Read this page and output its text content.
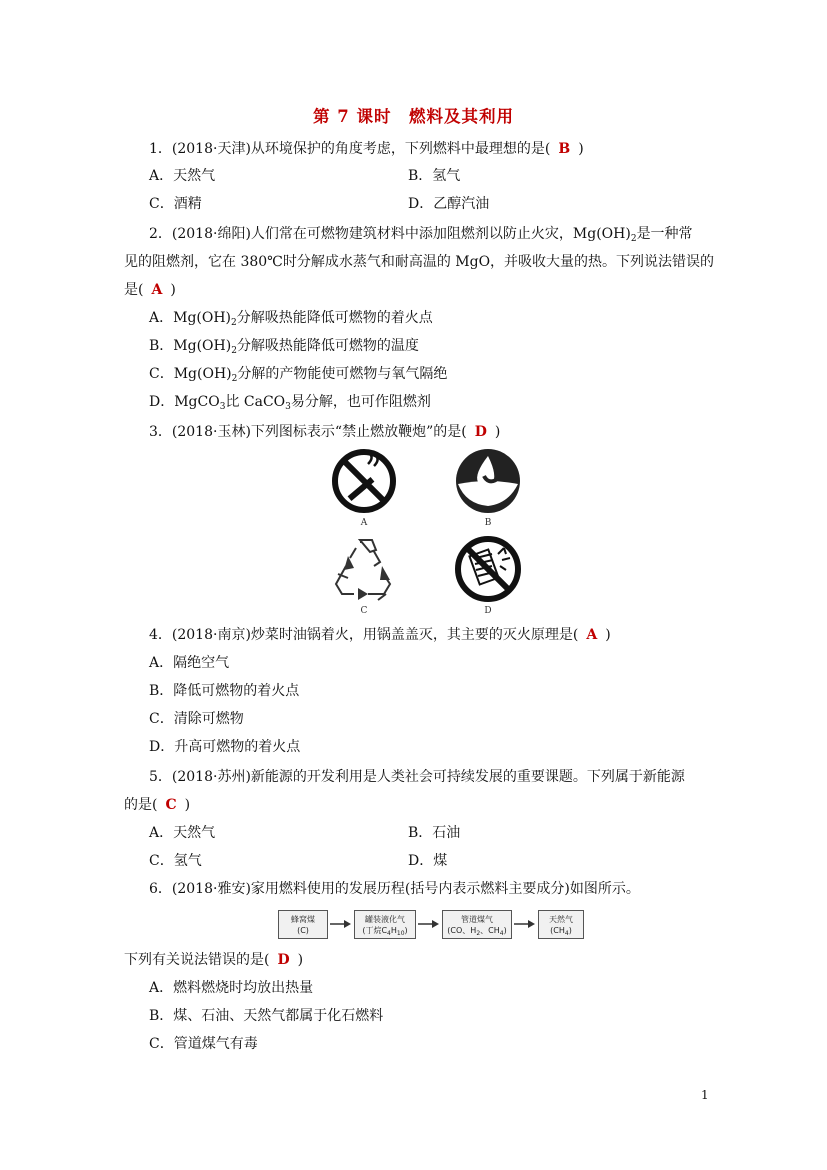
第 7 课时　燃料及其利用
1．(2018·天津)从环境保护的角度考虑，下列燃料中最理想的是( B )
A．天然气	B．氢气
C．酒精	D．乙醇汽油
2．(2018·绵阳)人们常在可燃物建筑材料中添加阻燃剂以防止火灾，$Mg(OH)_2$是一种常
见的阻燃剂，它在 380℃时分解成水蒸气和耐高温的 MgO，并吸收大量的热。下列说法错误的
是( A )
A．$Mg(OH)_2$分解吸热能降低可燃物的着火点
B．$Mg(OH)_2$分解吸热能降低可燃物的温度
C．$Mg(OH)_2$分解的产物能使可燃物与氧气隔绝
D．MgCO$_3$比 CaCO$_3$易分解，也可作阻燃剂
3．(2018·玉林)下列图标表示“禁止燃放鞭炮”的是( D )
A	B
C	D
4．(2018·南京)炒菜时油锅着火，用锅盖盖灭，其主要的灭火原理是( A )
A．隔绝空气
B．降低可燃物的着火点
C．清除可燃物
D．升高可燃物的着火点
5．(2018·苏州)新能源的开发利用是人类社会可持续发展的重要课题。下列属于新能源
的是( C )
A．天然气	B．石油
C．氢气	D．煤
6．(2018·雅安)家用燃料使用的发展历程(括号内表示燃料主要成分)如图所示。
蜂窝煤
(C)
罐装液化气
(丁烷$C_4H_{10}$)
管道煤气
(CO、$H_2$、$CH_4$)
天然气
$(CH_4)$
下列有关说法错误的是( D )
A．燃料燃烧时均放出热量
B．煤、石油、天然气都属于化石燃料
C．管道煤气有毒
1
